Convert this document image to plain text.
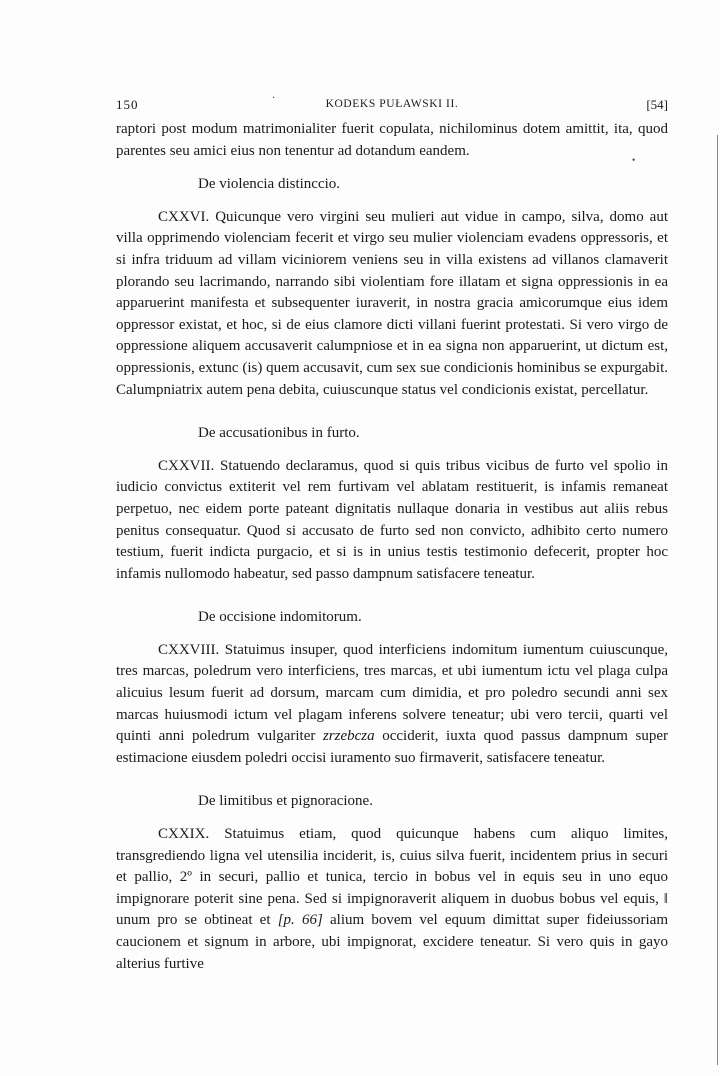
150	·	KODEKS PUŁAWSKI II.	[54]
•

raptori post modum matrimonialiter fuerit copulata, nichilominus dotem amittit, ita, quod parentes seu amici eius non tenentur ad dotandum eandem.

De violencia distinccio.

CXXVI. Quicunque vero virgini seu mulieri aut vidue in campo, silva, domo aut villa opprimendo violenciam fecerit et virgo seu mulier violenciam evadens oppressoris, et si infra triduum ad villam viciniorem veniens seu in villa existens ad villanos clamaverit plorando seu lacrimando, narrando sibi violentiam fore illatam et signa oppressionis in ea apparuerint manifesta et subsequenter iuraverit, in nostra gracia amicorumque eius idem oppressor existat, et hoc, si de eius clamore dicti villani fuerint protestati. Si vero virgo de oppressione aliquem accusaverit calumpniose et in ea signa non apparuerint, ut dictum est, oppressionis, extunc (is) quem accusavit, cum sex sue condicionis hominibus se expurgabit. Calumpniatrix autem pena debita, cuiuscunque status vel condicionis existat, percellatur.

De accusationibus in furto.

CXXVII. Statuendo declaramus, quod si quis tribus vicibus de furto vel spolio in iudicio convictus extiterit vel rem furtivam vel ablatam restituerit, is infamis remaneat perpetuo, nec eidem porte pateant dignitatis nullaque donaria in vestibus aut aliis rebus penitus consequatur. Quod si accusato de furto sed non convicto, adhibito certo numero testium, fuerit indicta purgacio, et si is in unius testis testimonio defecerit, propter hoc infamis nullomodo habeatur, sed passo dampnum satisfacere teneatur.

De occisione indomitorum.

CXXVIII. Statuimus insuper, quod interficiens indomitum iumentum cuiuscunque, tres marcas, poledrum vero interficiens, tres marcas, et ubi iumentum ictu vel plaga culpa alicuius lesum fuerit ad dorsum, marcam cum dimidia, et pro poledro secundi anni sex marcas huiusmodi ictum vel plagam inferens solvere teneatur; ubi vero tercii, quarti vel quinti anni poledrum vulgariter zrzebcza occiderit, iuxta quod passus dampnum super estimacione eiusdem poledri occisi iuramento suo firmaverit, satisfacere teneatur.

De limitibus et pignoracione.

CXXIX. Statuimus etiam, quod quicunque habens cum aliquo limites, transgrediendo ligna vel utensilia inciderit, is, cuius silva fuerit, incidentem prius in securi et pallio, 2º in securi, pallio et tunica, tercio in bobus vel in equis seu in uno equo impignorare poterit sine pena. Sed si impignoraverit aliquem in duobus bobus vel equis, ‖ unum pro se obtineat et [p. 66] alium bovem vel equum dimittat super fideiussoriam caucionem et signum in arbore, ubi impignorat, excidere teneatur. Si vero quis in gayo alterius furtive
